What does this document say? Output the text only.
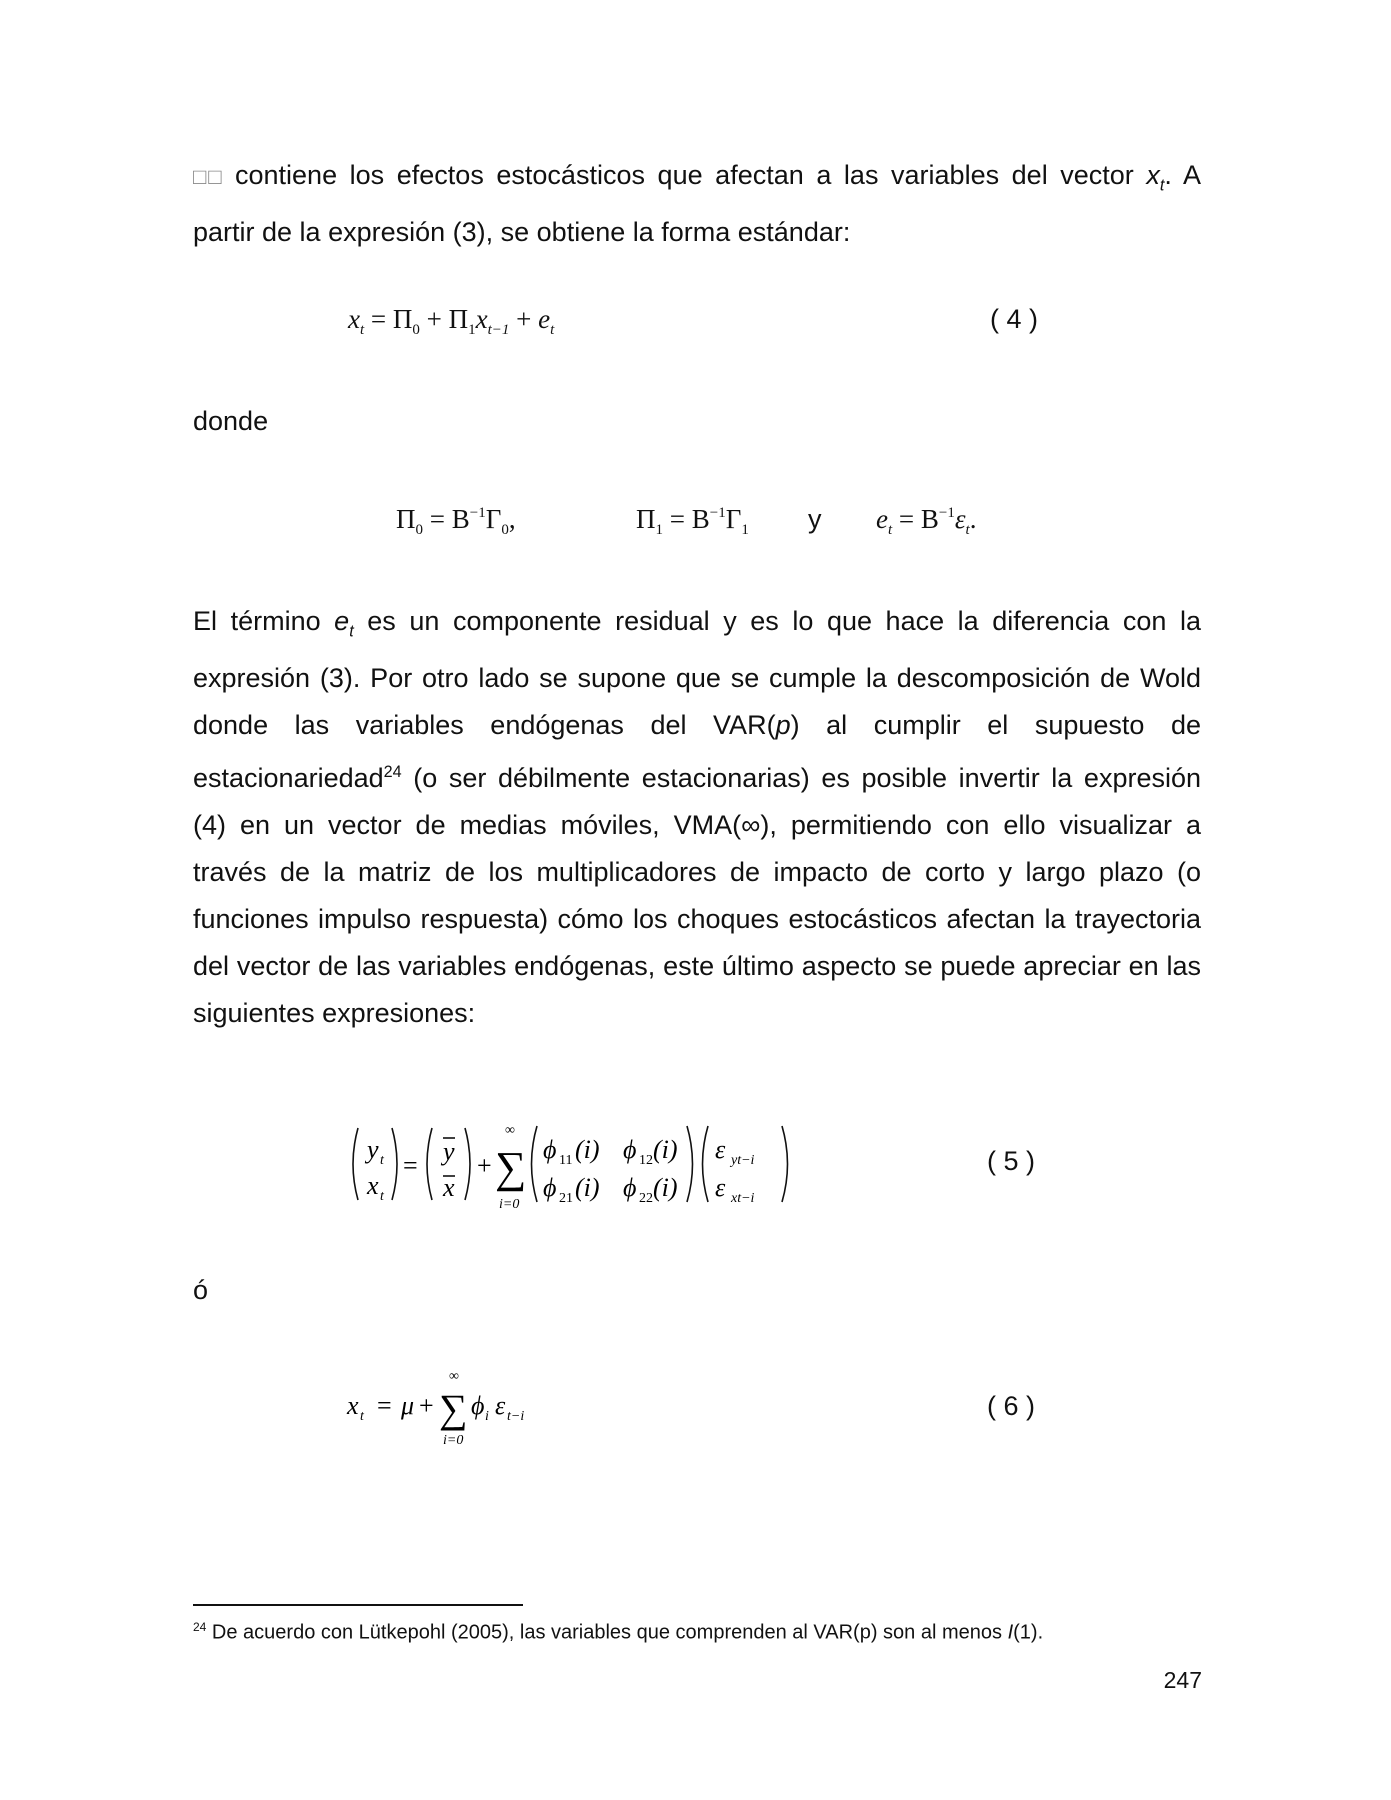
□□ contiene los efectos estocásticos que afectan a las variables del vector $x_t$. A partir de la expresión (3), se obtiene la forma estándar:
$x_t = \Pi_0 + \Pi_1x_{t-1} + e_t$	( 4 )
donde
$\Pi_0 = B^{-1}\Gamma_0$,	$\Pi_1 = B^{-1}\Gamma_1$ y $e_t = B^{-1}\varepsilon_t$.
El término $e_t$ es un componente residual y es lo que hace la diferencia con la expresión (3). Por otro lado se supone que se cumple la descomposición de Wold donde las variables endógenas del VAR(p) al cumplir el supuesto de estacionariedad$^{24}$ (o ser débilmente estacionarias) es posible invertir la expresión (4) en un vector de medias móviles, VMA(∞), permitiendo con ello visualizar a través de la matriz de los multiplicadores de impacto de corto y largo plazo (o funciones impulso respuesta) cómo los choques estocásticos afectan la trayectoria del vector de las variables endógenas, este último aspecto se puede apreciar en las siguientes expresiones:
y t
x t
= y
x
+ ∑
∞
i=0
ϕ 11 (i) ϕ 12 (i)
ϕ 21 (i) ϕ 22 (i)
ε yt−i
ε xt−i
( 5 )
ó
x t = μ + ∑
∞
i=0
ϕ i ε t−i	( 6 )
$^{24}$ De acuerdo con Lütkepohl (2005), las variables que comprenden al VAR(p) son al menos I(1).
247
